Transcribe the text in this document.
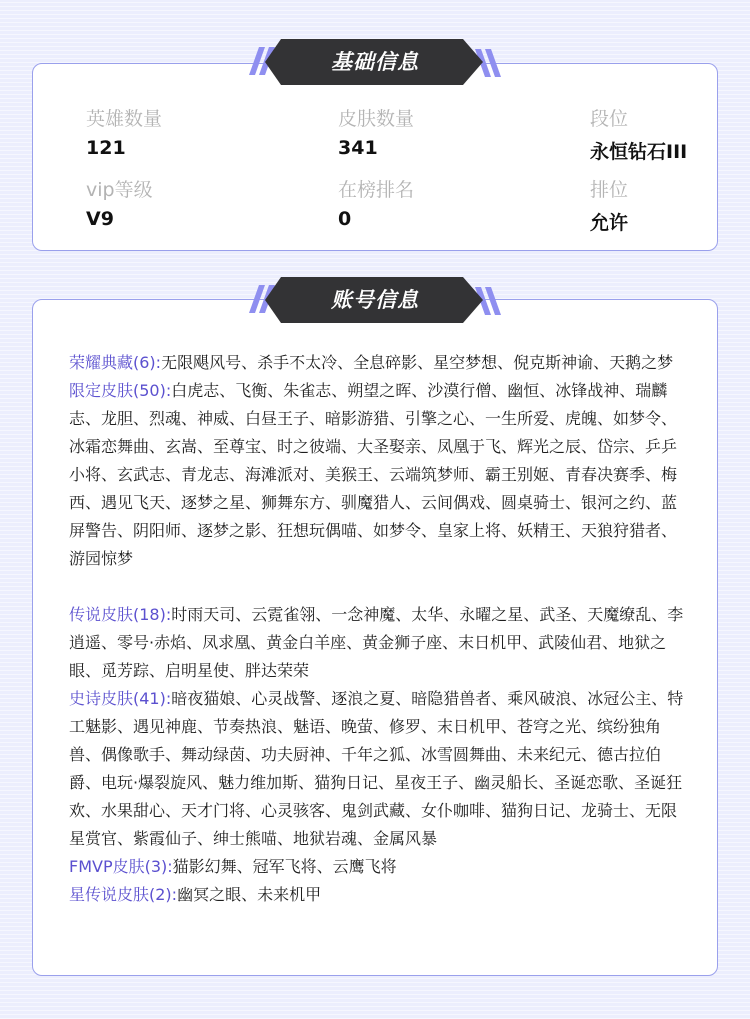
英雄数量
121
皮肤数量
341
段位
永恒钻石III
vip等级
V9
在榜排名
0
排位
允许
基础信息

荣耀典藏(6):无限飓风号、杀手不太冷、全息碎影、星空梦想、倪克斯神谕、天鹅之梦

限定皮肤(50):白虎志、飞衡、朱雀志、朔望之晖、沙漠行僧、幽恒、冰锋战神、瑞麟志、龙胆、烈魂、神威、白昼王子、暗影游猎、引擎之心、一生所爱、虎魄、如梦令、冰霜恋舞曲、玄嵩、至尊宝、时之彼端、大圣娶亲、凤凰于飞、辉光之辰、岱宗、乒乒小将、玄武志、青龙志、海滩派对、美猴王、云端筑梦师、霸王别姬、青春决赛季、梅西、遇见飞天、逐梦之星、狮舞东方、驯魔猎人、云间偶戏、圆桌骑士、银河之约、蓝屏警告、阴阳师、逐梦之影、狂想玩偶喵、如梦令、皇家上将、妖精王、天狼狩猎者、游园惊梦

传说皮肤(18):时雨天司、云霓雀翎、一念神魔、太华、永曜之星、武圣、天魔缭乱、李逍遥、零号·赤焰、凤求凰、黄金白羊座、黄金狮子座、末日机甲、武陵仙君、地狱之眼、觅芳踪、启明星使、胖达荣荣

史诗皮肤(41):暗夜猫娘、心灵战警、逐浪之夏、暗隐猎兽者、乘风破浪、冰冠公主、特工魅影、遇见神鹿、节奏热浪、魅语、晚萤、修罗、末日机甲、苍穹之光、缤纷独角兽、偶像歌手、舞动绿茵、功夫厨神、千年之狐、冰雪圆舞曲、未来纪元、德古拉伯爵、电玩·爆裂旋风、魅力维加斯、猫狗日记、星夜王子、幽灵船长、圣诞恋歌、圣诞狂欢、水果甜心、天才门将、心灵骇客、鬼剑武藏、女仆咖啡、猫狗日记、龙骑士、无限星赏官、紫霞仙子、绅士熊喵、地狱岩魂、金属风暴

FMVP皮肤(3):猫影幻舞、冠军飞将、云鹰飞将

星传说皮肤(2):幽冥之眼、未来机甲

账号信息
